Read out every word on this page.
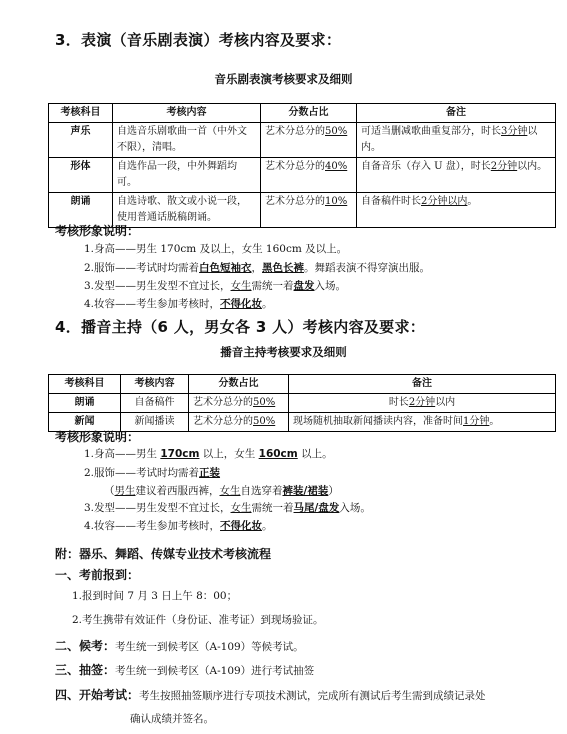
3．表演（音乐剧表演）考核内容及要求：
音乐剧表演考核要求及细则
考核科目	考核内容	分数占比	备注
声乐	自选音乐剧歌曲一首（中外文不限），清唱。	艺术分总分的50%	可适当删减歌曲重复部分，时长3分钟以内。
形体	自选作品一段，中外舞蹈均可。	艺术分总分的40%	自备音乐（存入 U 盘），时长2分钟以内。
朗诵	自选诗歌、散文或小说一段，使用普通话脱稿朗诵。	艺术分总分的10%	自备稿件时长2分钟以内。
考核形象说明：
1.身高——男生 170cm 及以上，女生 160cm 及以上。
2.服饰——考试时均需着白色短袖衣，黑色长裤。舞蹈表演不得穿演出服。
3.发型——男生发型不宜过长，女生需统一着盘发入场。
4.妆容——考生参加考核时，不得化妆。
4．播音主持（6 人，男女各 3 人）考核内容及要求：
播音主持考核要求及细则
考核科目	考核内容	分数占比	备注
朗诵	自备稿件	艺术分总分的50%	时长2分钟以内
新闻	新闻播读	艺术分总分的50%	现场随机抽取新闻播读内容，准备时间1分钟。
考核形象说明：
1.身高——男生 170cm 以上，女生 160cm 以上。
2.服饰——考试时均需着正装
（男生建议着西服西裤，女生自选穿着裤装/裙装）
3.发型——男生发型不宜过长，女生需统一着马尾/盘发入场。
4.妆容——考生参加考核时，不得化妆。
附：器乐、舞蹈、传媒专业技术考核流程
一、考前报到：
1.报到时间 7 月 3 日上午 8：00；
2.考生携带有效证件（身份证、准考证）到现场验证。
二、候考：考生统一到候考区（A-109）等候考试。
三、抽签：考生统一到候考区（A-109）进行考试抽签
四、开始考试：考生按照抽签顺序进行专项技术测试，完成所有测试后考生需到成绩记录处
确认成绩并签名。
